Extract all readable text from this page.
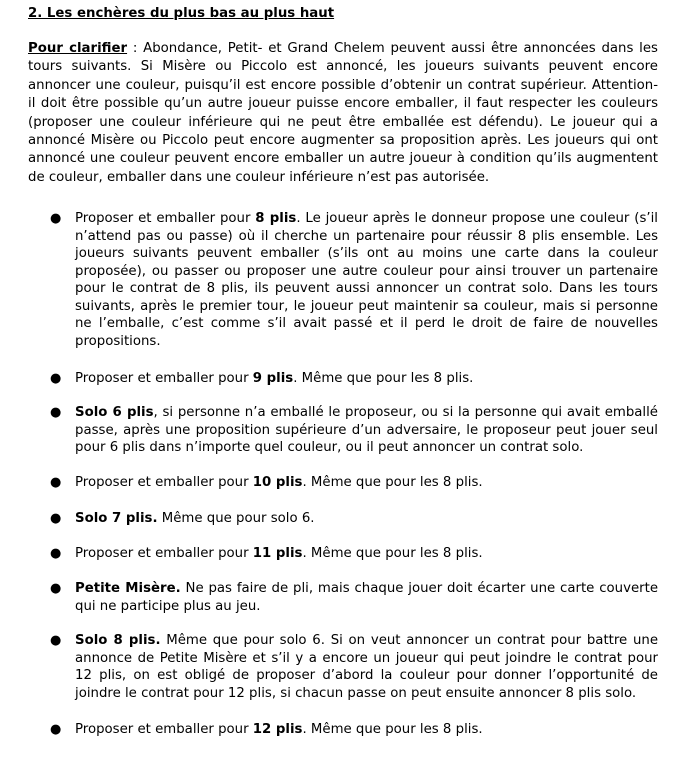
2. Les enchères du plus bas au plus haut
Pour clarifier : Abondance, Petit- et Grand Chelem peuvent aussi être annoncées dans les tours suivants. Si Misère ou Piccolo est annoncé, les joueurs suivants peuvent encore annoncer une couleur, puisqu’il est encore possible d’obtenir un contrat supérieur. Attention- il doit être possible qu’un autre joueur puisse encore emballer, il faut respecter les couleurs (proposer une couleur inférieure qui ne peut être emballée est défendu). Le joueur qui a annoncé Misère ou Piccolo peut encore augmenter sa proposition après. Les joueurs qui ont annoncé une couleur peuvent encore emballer un autre joueur à condition qu’ils augmentent de couleur, emballer dans une couleur inférieure n’est pas autorisée.
● Proposer et emballer pour 8 plis. Le joueur après le donneur propose une couleur (s’il n’attend pas ou passe) où il cherche un partenaire pour réussir 8 plis ensemble. Les joueurs suivants peuvent emballer (s’ils ont au moins une carte dans la couleur proposée), ou passer ou proposer une autre couleur pour ainsi trouver un partenaire pour le contrat de 8 plis, ils peuvent aussi annoncer un contrat solo. Dans les tours suivants, après le premier tour, le joueur peut maintenir sa couleur, mais si personne ne l’emballe, c’est comme s’il avait passé et il perd le droit de faire de nouvelles propositions.
● Proposer et emballer pour 9 plis. Même que pour les 8 plis.
● Solo 6 plis, si personne n’a emballé le proposeur, ou si la personne qui avait emballé passe, après une proposition supérieure d’un adversaire, le proposeur peut jouer seul pour 6 plis dans n’importe quel couleur, ou il peut annoncer un contrat solo.
● Proposer et emballer pour 10 plis. Même que pour les 8 plis.
● Solo 7 plis. Même que pour solo 6.
● Proposer et emballer pour 11 plis. Même que pour les 8 plis.
● Petite Misère. Ne pas faire de pli, mais chaque jouer doit écarter une carte couverte qui ne participe plus au jeu.
● Solo 8 plis. Même que pour solo 6. Si on veut annoncer un contrat pour battre une annonce de Petite Misère et s’il y a encore un joueur qui peut joindre le contrat pour 12 plis, on est obligé de proposer d’abord la couleur pour donner l’opportunité de joindre le contrat pour 12 plis, si chacun passe on peut ensuite annoncer 8 plis solo.
● Proposer et emballer pour 12 plis. Même que pour les 8 plis.
